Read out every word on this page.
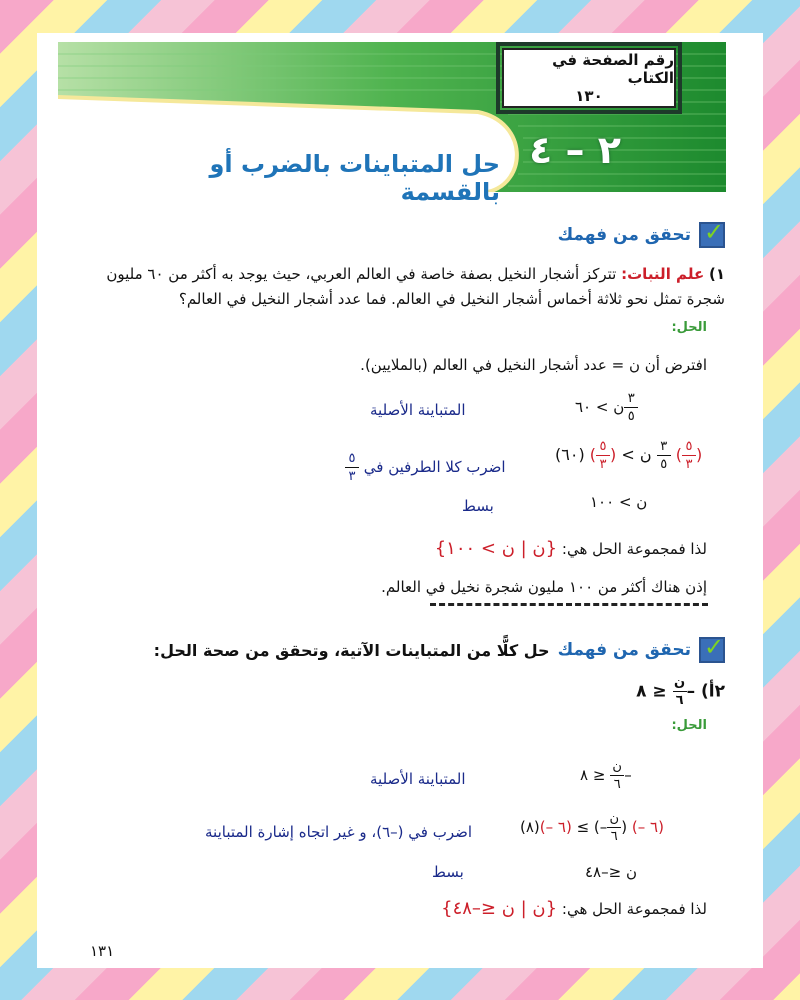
رقم الصفحة في الكتاب
١٣٠
٢ – ٤
حل المتباينات بالضرب أو بالقسمة
✓
تحقق من فهمك
١) علم النبات: تتركز أشجار النخيل بصفة خاصة في العالم العربي، حيث يوجد به أكثر من ٦٠ مليون
شجرة تمثل نحو ثلاثة أخماس أشجار النخيل في العالم. فما عدد أشجار النخيل في العالم؟
الحل:
افترض أن ن = عدد أشجار النخيل في العالم (بالملايين).
$\frac{٣}{٥}$
ن > ٦٠
المتباينة الأصلية
(٦٠) ( $\frac{٥}{٣}$ ) < ن $\frac{٣}{٥}$ ( $\frac{٥}{٣}$ )
اضرب كلا الطرفين في
$\frac{٥}{٣}$
ن > ١٠٠
بسط
لذا فمجموعة الحل هي: {ن | ن > ١٠٠}
إذن هناك أكثر من ١٠٠ مليون شجرة نخيل في العالم.
✓
تحقق من فهمك
حل كلًّا من المتباينات الآتية، وتحقق من صحة الحل:
٢أ) –
$\frac{\text{ن}}{٦}$
≤ ٨
الحل:
–
$\frac{\text{ن}}{٦}$
≤ ٨
المتباينة الأصلية
(٨)(– ٦) ≤ (– $\frac{\text{ن}}{٦}$ ) (– ٦)
اضرب في (–٦)، و غير اتجاه إشارة المتباينة
ن ≤–٤٨
بسط
لذا فمجموعة الحل هي: {ن | ن ≤–٤٨}
١٣١
